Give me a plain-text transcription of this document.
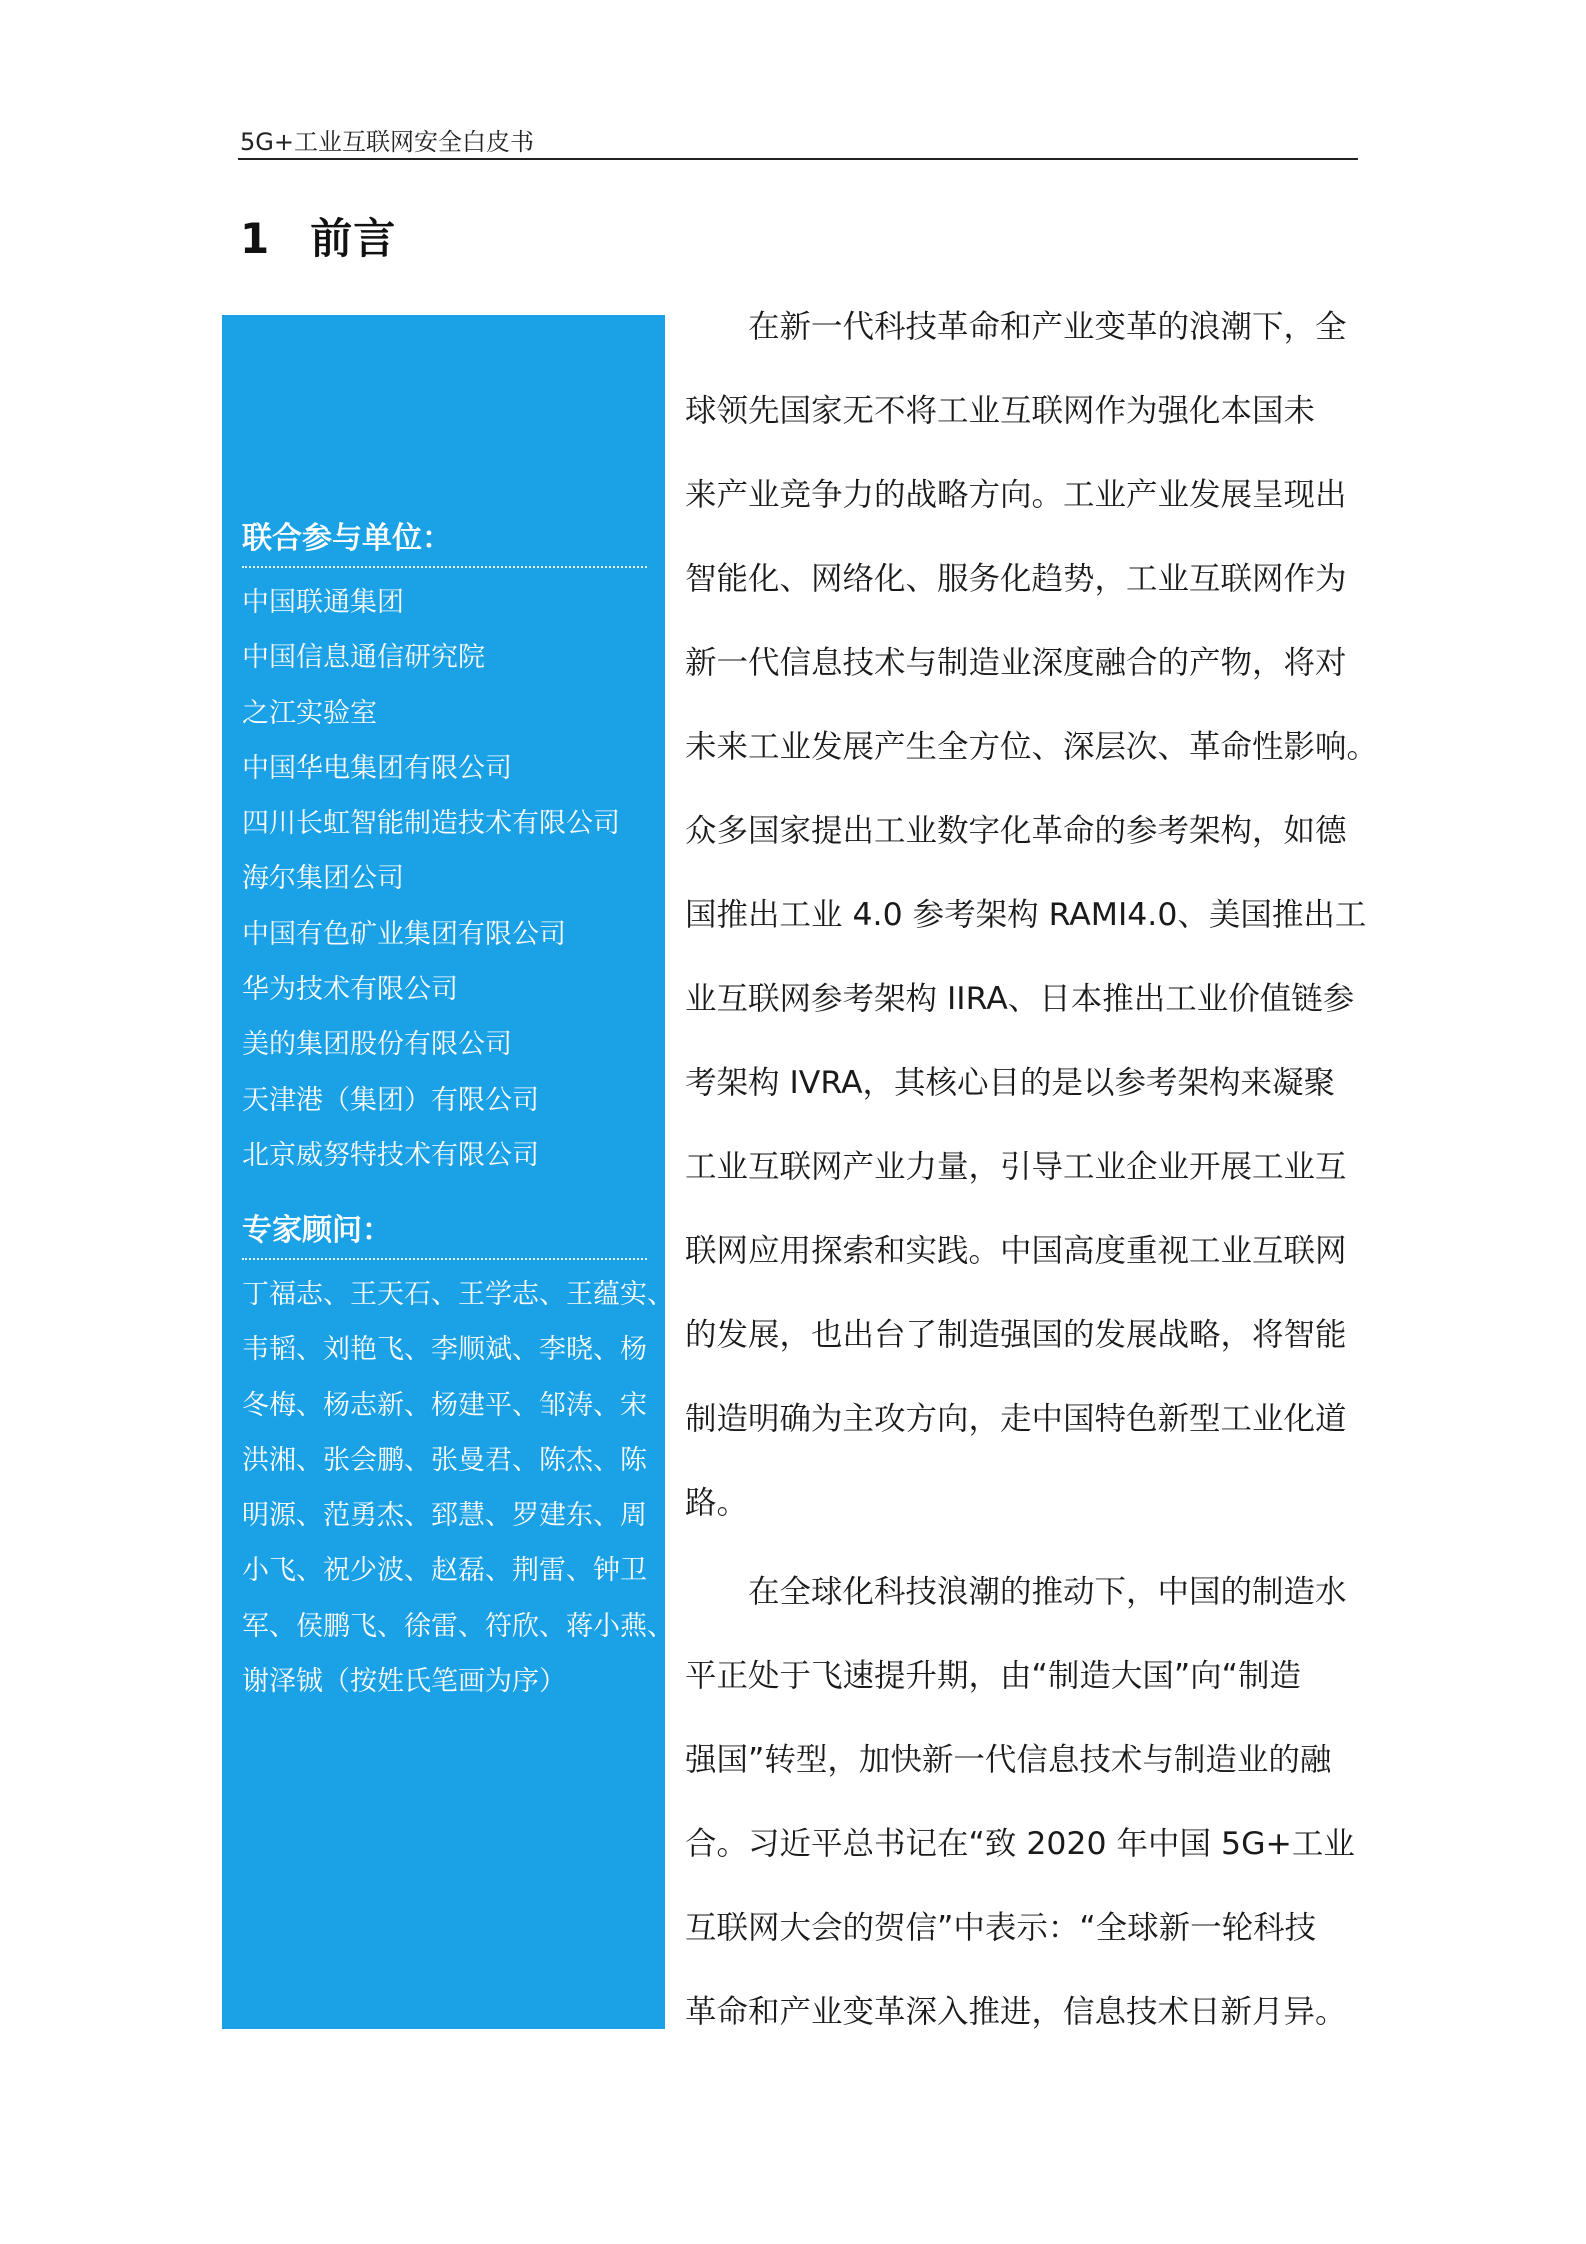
5G+工业互联网安全白皮书
1 前言
联合参与单位：
中国联通集团
中国信息通信研究院
之江实验室
中国华电集团有限公司
四川长虹智能制造技术有限公司
海尔集团公司
中国有色矿业集团有限公司
华为技术有限公司
美的集团股份有限公司
天津港（集团）有限公司
北京威努特技术有限公司
专家顾问：
丁福志、王天石、王学志、王蕴实、
韦韬、刘艳飞、李顺斌、李晓、杨
冬梅、杨志新、杨建平、邹涛、宋
洪湘、张会鹏、张曼君、陈杰、陈
明源、范勇杰、郅慧、罗建东、周
小飞、祝少波、赵磊、荆雷、钟卫
军、侯鹏飞、徐雷、符欣、蒋小燕、
谢泽铖（按姓氏笔画为序）
在新一代科技革命和产业变革的浪潮下，全
球领先国家无不将工业互联网作为强化本国未
来产业竞争力的战略方向。工业产业发展呈现出
智能化、网络化、服务化趋势，工业互联网作为
新一代信息技术与制造业深度融合的产物，将对
未来工业发展产生全方位、深层次、革命性影响。
众多国家提出工业数字化革命的参考架构，如德
国推出工业 4.0 参考架构 RAMI4.0、美国推出工
业互联网参考架构 IIRA、日本推出工业价值链参
考架构 IVRA，其核心目的是以参考架构来凝聚
工业互联网产业力量，引导工业企业开展工业互
联网应用探索和实践。中国高度重视工业互联网
的发展，也出台了制造强国的发展战略，将智能
制造明确为主攻方向，走中国特色新型工业化道
路。
在全球化科技浪潮的推动下，中国的制造水
平正处于飞速提升期，由“制造大国”向“制造
强国”转型，加快新一代信息技术与制造业的融
合。习近平总书记在“致 2020 年中国 5G+工业
互联网大会的贺信”中表示：“全球新一轮科技
革命和产业变革深入推进，信息技术日新月异。
